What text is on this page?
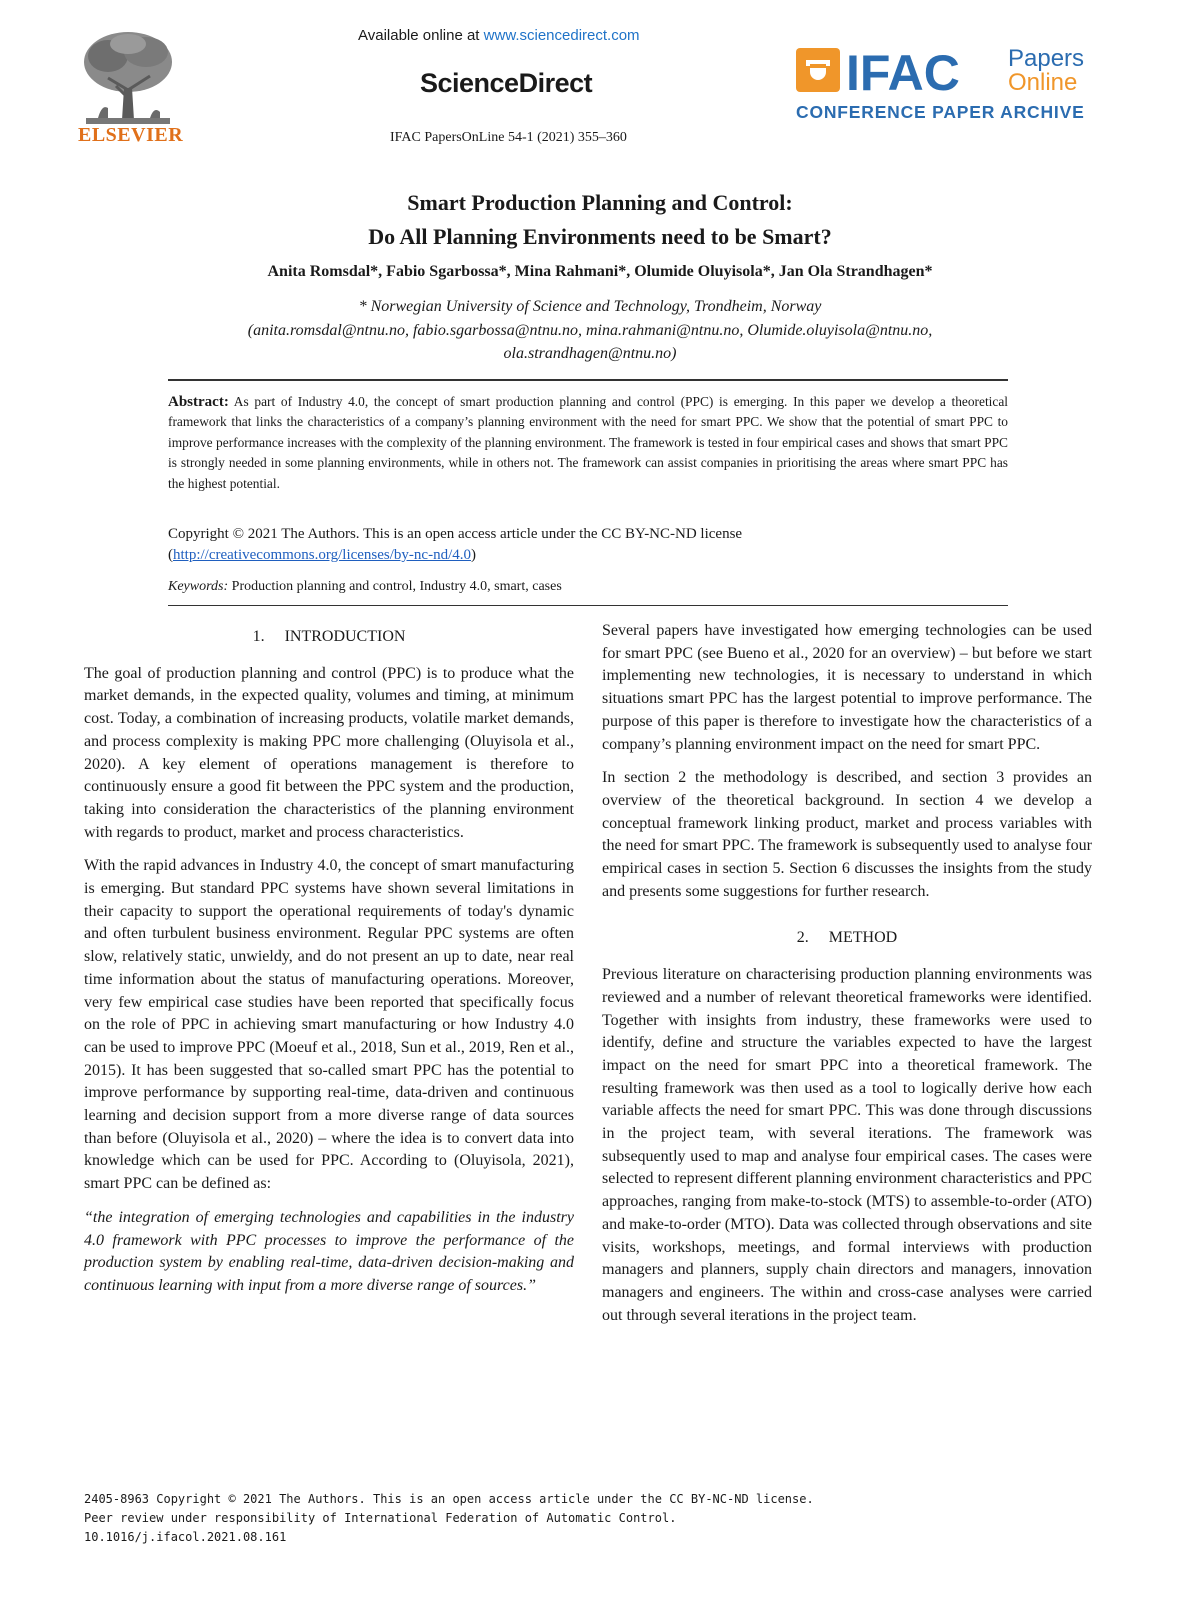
ELSEVIER
Available online at www.sciencedirect.com
ScienceDirect
IFAC PapersOnLine 54-1 (2021) 355–360
IFAC Papers
Online
CONFERENCE PAPER ARCHIVE
Smart Production Planning and Control:
Do All Planning Environments need to be Smart?
Anita Romsdal*, Fabio Sgarbossa*, Mina Rahmani*, Olumide Oluyisola*, Jan Ola Strandhagen*
* Norwegian University of Science and Technology, Trondheim, Norway
(anita.romsdal@ntnu.no, fabio.sgarbossa@ntnu.no, mina.rahmani@ntnu.no, Olumide.oluyisola@ntnu.no,
ola.strandhagen@ntnu.no)
Abstract: As part of Industry 4.0, the concept of smart production planning and control (PPC) is emerging. In this paper we develop a theoretical framework that links the characteristics of a company’s planning environment with the need for smart PPC. We show that the potential of smart PPC to improve performance increases with the complexity of the planning environment. The framework is tested in four empirical cases and shows that smart PPC is strongly needed in some planning environments, while in others not. The framework can assist companies in prioritising the areas where smart PPC has the highest potential.
Copyright © 2021 The Authors. This is an open access article under the CC BY-NC-ND license
(http://creativecommons.org/licenses/by-nc-nd/4.0)
Keywords: Production planning and control, Industry 4.0, smart, cases
1.     INTRODUCTION

The goal of production planning and control (PPC) is to produce what the market demands, in the expected quality, volumes and timing, at minimum cost. Today, a combination of increasing products, volatile market demands, and process complexity is making PPC more challenging (Oluyisola et al., 2020). A key element of operations management is therefore to continuously ensure a good fit between the PPC system and the production, taking into consideration the characteristics of the planning environment with regards to product, market and process characteristics.

With the rapid advances in Industry 4.0, the concept of smart manufacturing is emerging. But standard PPC systems have shown several limitations in their capacity to support the operational requirements of today's dynamic and often turbulent business environment. Regular PPC systems are often slow, relatively static, unwieldy, and do not present an up to date, near real time information about the status of manufacturing operations. Moreover, very few empirical case studies have been reported that specifically focus on the role of PPC in achieving smart manufacturing or how Industry 4.0 can be used to improve PPC (Moeuf et al., 2018, Sun et al., 2019, Ren et al., 2015). It has been suggested that so-called smart PPC has the potential to improve performance by supporting real-time, data-driven and continuous learning and decision support from a more diverse range of data sources than before (Oluyisola et al., 2020) – where the idea is to convert data into knowledge which can be used for PPC. According to (Oluyisola, 2021), smart PPC can be defined as:

“the integration of emerging technologies and capabilities in the industry 4.0 framework with PPC processes to improve the performance of the production system by enabling real-time, data-driven decision-making and continuous learning with input from a more diverse range of sources.”

Several papers have investigated how emerging technologies can be used for smart PPC (see Bueno et al., 2020 for an overview) – but before we start implementing new technologies, it is necessary to understand in which situations smart PPC has the largest potential to improve performance. The purpose of this paper is therefore to investigate how the characteristics of a company’s planning environment impact on the need for smart PPC.

In section 2 the methodology is described, and section 3 provides an overview of the theoretical background. In section 4 we develop a conceptual framework linking product, market and process variables with the need for smart PPC. The framework is subsequently used to analyse four empirical cases in section 5. Section 6 discusses the insights from the study and presents some suggestions for further research.

2.     METHOD

Previous literature on characterising production planning environments was reviewed and a number of relevant theoretical frameworks were identified. Together with insights from industry, these frameworks were used to identify, define and structure the variables expected to have the largest impact on the need for smart PPC into a theoretical framework. The resulting framework was then used as a tool to logically derive how each variable affects the need for smart PPC. This was done through discussions in the project team, with several iterations. The framework was subsequently used to map and analyse four empirical cases. The cases were selected to represent different planning environment characteristics and PPC approaches, ranging from make-to-stock (MTS) to assemble-to-order (ATO) and make-to-order (MTO). Data was collected through observations and site visits, workshops, meetings, and formal interviews with production managers and planners, supply chain directors and managers, innovation managers and engineers. The within and cross-case analyses were carried out through several iterations in the project team.

2405-8963 Copyright © 2021 The Authors. This is an open access article under the CC BY-NC-ND license.
Peer review under responsibility of International Federation of Automatic Control.
10.1016/j.ifacol.2021.08.161
